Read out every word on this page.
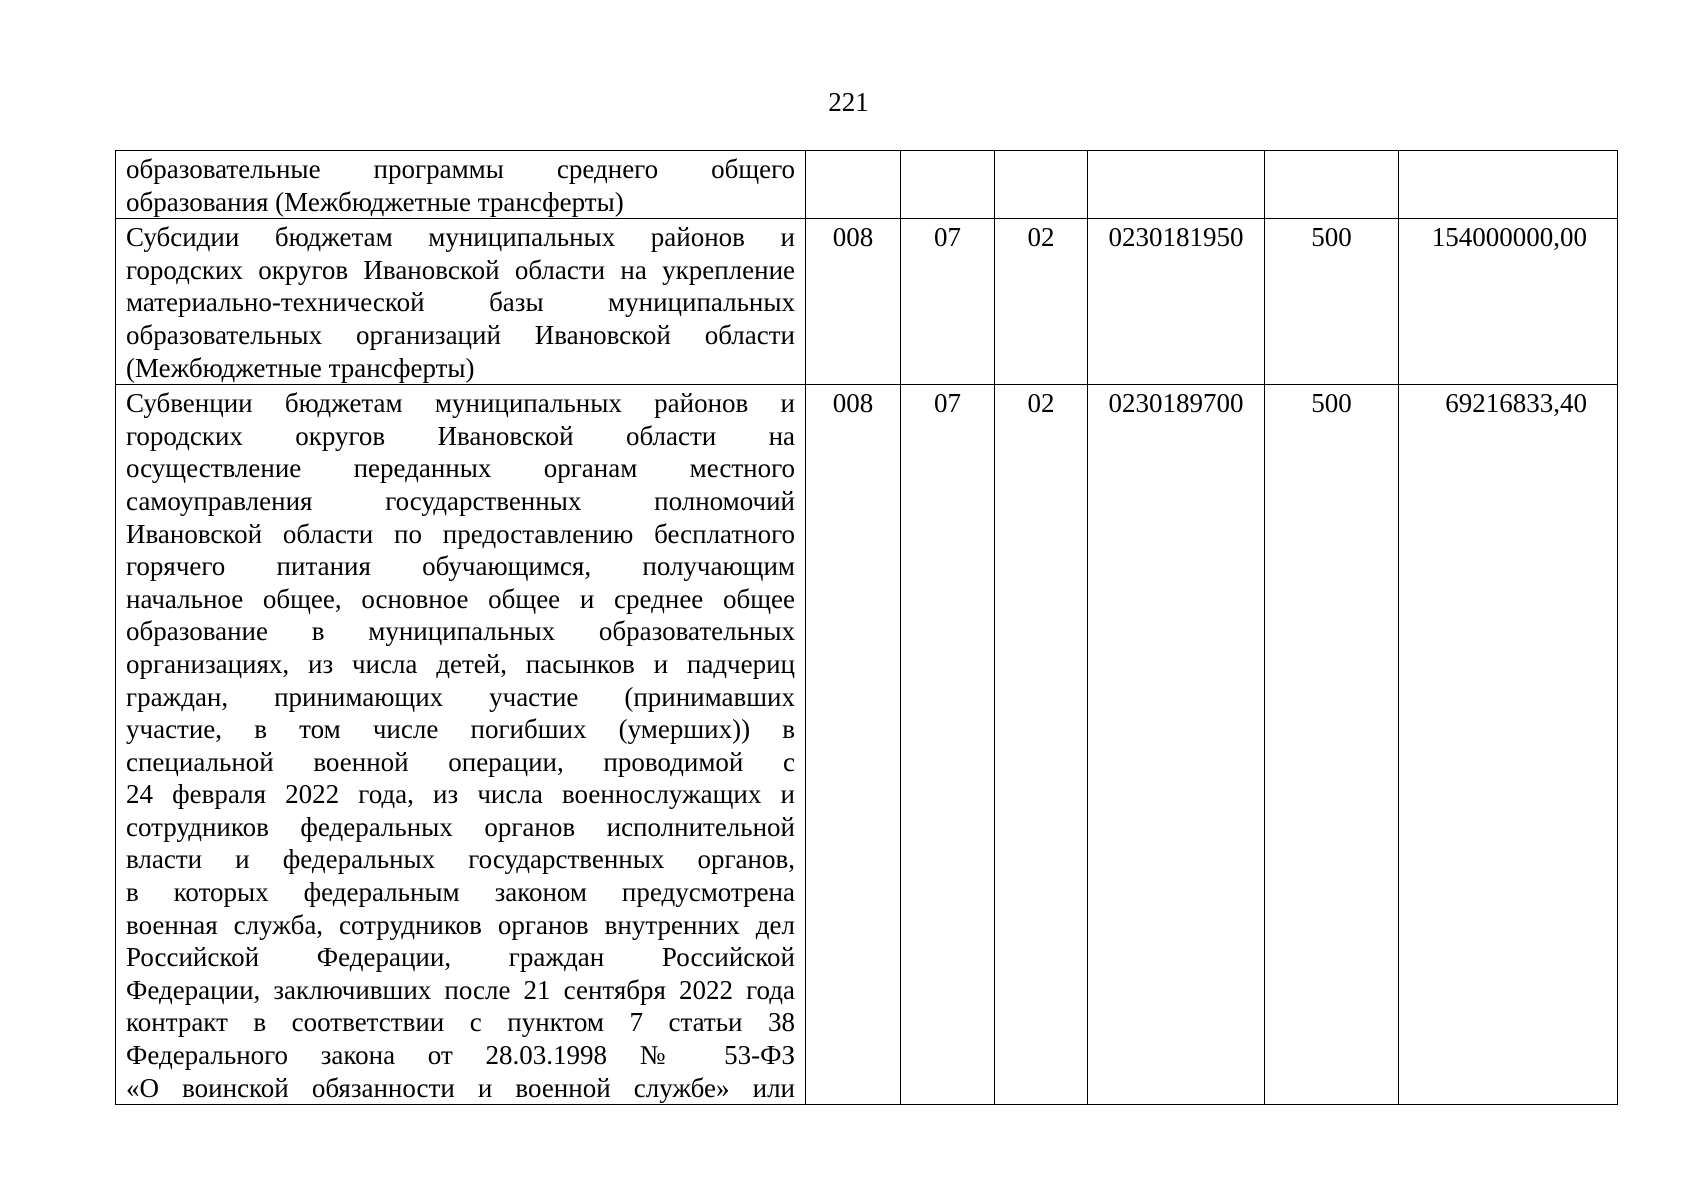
221
образовательные программы среднего общего
образования (Межбюджетные трансферты)

Субсидии бюджетам муниципальных районов и
городских округов Ивановской области на укрепление
материально-технической базы муниципальных
образовательных организаций Ивановской области
(Межбюджетные трансферты)
	008	07	02	0230181950	500	154000000,00

Субвенции бюджетам муниципальных районов и
городских округов Ивановской области на
осуществление переданных органам местного
самоуправления государственных полномочий
Ивановской области по предоставлению бесплатного
горячего питания обучающимся, получающим
начальное общее, основное общее и среднее общее
образование в муниципальных образовательных
организациях, из числа детей, пасынков и падчериц
граждан, принимающих участие (принимавших
участие, в том числе погибших (умерших)) в
специальной военной операции, проводимой с
24 февраля 2022 года, из числа военнослужащих и
сотрудников федеральных органов исполнительной
власти и федеральных государственных органов,
в которых федеральным законом предусмотрена
военная служба, сотрудников органов внутренних дел
Российской Федерации, граждан Российской
Федерации, заключивших после 21 сентября 2022 года
контракт в соответствии с пунктом 7 статьи 38
Федерального закона от 28.03.1998 № 53-ФЗ
«О воинской обязанности и военной службе» или
	008	07	02	0230189700	500	69216833,40
